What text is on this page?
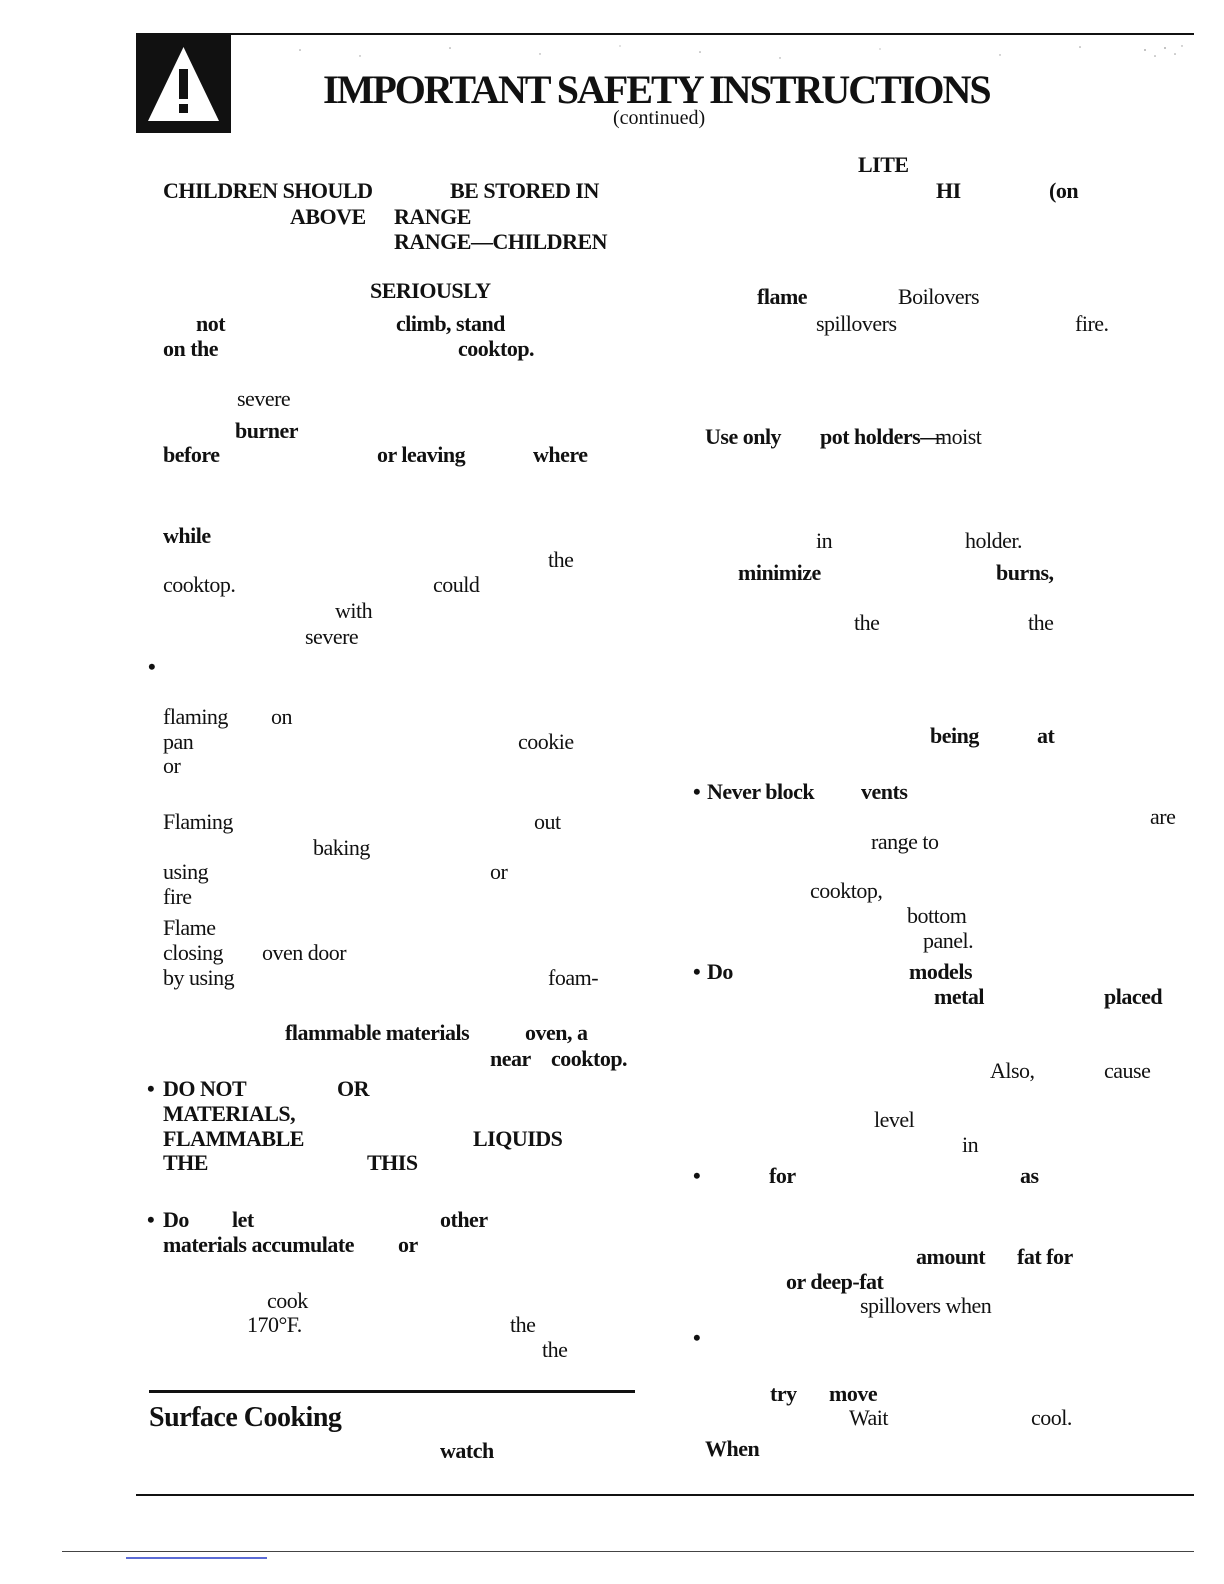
IMPORTANT SAFETY INSTRUCTIONS
(continued)
CHILDREN SHOULD	BE STORED IN
ABOVE RANGE
RANGE—CHILDREN
SERIOUSLY
not	climb, stand
on the	cooktop.
severe
burner
before	or leaving	where
while
the
cooktop.	could
with
severe
•
flaming on
pan	cookie
or
Flaming	out
baking
using	or
fire
Flame
closing oven door
by using	foam-
flammable materials	oven, a
near cooktop.
• DO NOT	OR
MATERIALS,
FLAMMABLE	LIQUIDS
THE	THIS
• Do let	other
materials accumulate or
cook
170°F.	the
the
Surface Cooking
watch
LITE
HI	(on
flame	Boilovers
spillovers	fire.
Use only pot holders—
moist
in	holder.
minimize	burns,
the	the
being	at
• Never block vents
are
range to
cooktop,
bottom
panel.
• Do	models
metal	placed
Also,	cause
level
in
•	for	as
amount fat for
or deep-fat
spillovers when
•
try move
Wait	cool.
When
